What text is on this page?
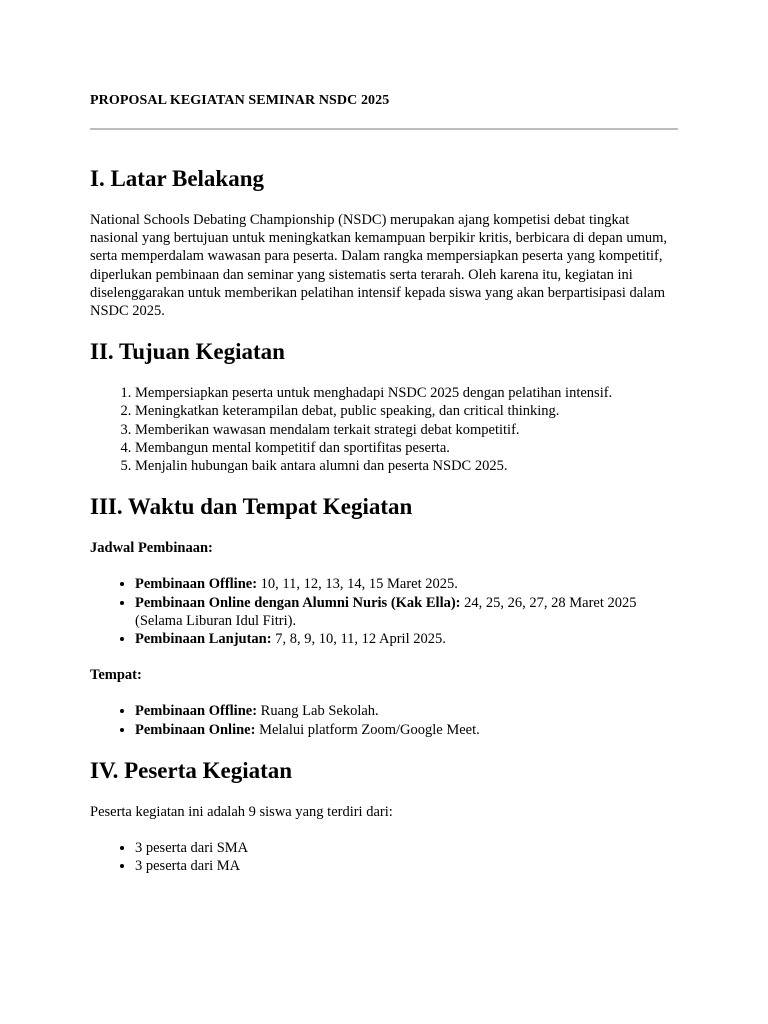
PROPOSAL KEGIATAN SEMINAR NSDC 2025
I. Latar Belakang

National Schools Debating Championship (NSDC) merupakan ajang kompetisi debat tingkat nasional yang bertujuan untuk meningkatkan kemampuan berpikir kritis, berbicara di depan umum, serta memperdalam wawasan para peserta. Dalam rangka mempersiapkan peserta yang kompetitif, diperlukan pembinaan dan seminar yang sistematis serta terarah. Oleh karena itu, kegiatan ini diselenggarakan untuk memberikan pelatihan intensif kepada siswa yang akan berpartisipasi dalam NSDC 2025.

II. Tujuan Kegiatan
1. Mempersiapkan peserta untuk menghadapi NSDC 2025 dengan pelatihan intensif.
2. Meningkatkan keterampilan debat, public speaking, dan critical thinking.
3. Memberikan wawasan mendalam terkait strategi debat kompetitif.
4. Membangun mental kompetitif dan sportifitas peserta.
5. Menjalin hubungan baik antara alumni dan peserta NSDC 2025.
III. Waktu dan Tempat Kegiatan

Jadwal Pembinaan:

• Pembinaan Offline: 10, 11, 12, 13, 14, 15 Maret 2025.
• Pembinaan Online dengan Alumni Nuris (Kak Ella): 24, 25, 26, 27, 28 Maret 2025 (Selama Liburan Idul Fitri).
• Pembinaan Lanjutan: 7, 8, 9, 10, 11, 12 April 2025.

Tempat:

• Pembinaan Offline: Ruang Lab Sekolah.
• Pembinaan Online: Melalui platform Zoom/Google Meet.
IV. Peserta Kegiatan

Peserta kegiatan ini adalah 9 siswa yang terdiri dari:

• 3 peserta dari SMA
• 3 peserta dari MA
